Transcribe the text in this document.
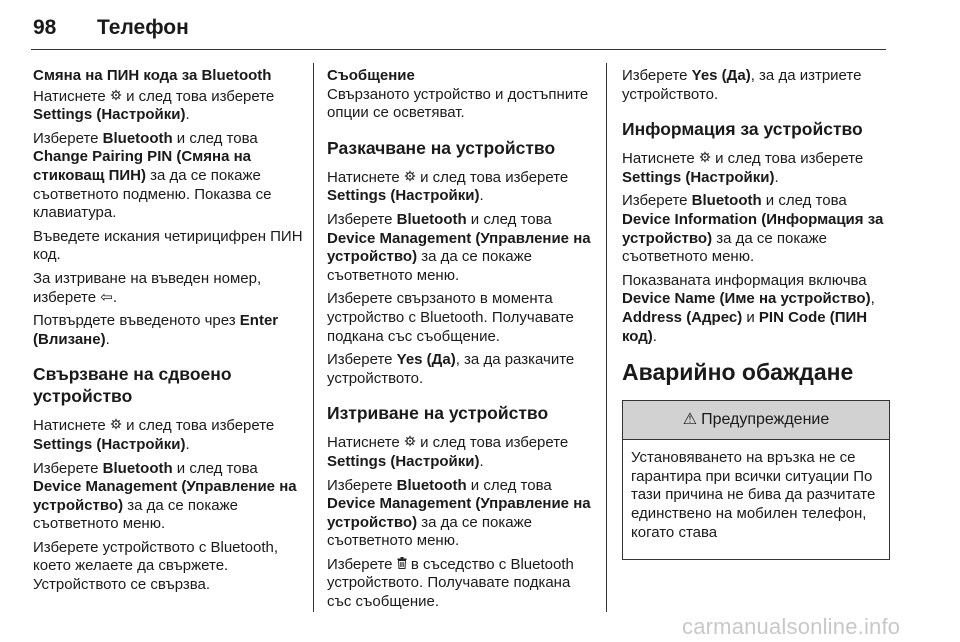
98 Телефон
Смяна на ПИН кода за Bluetooth

Натиснете  и след това изберете Settings (Настройки).

Изберете Bluetooth и след това Change Pairing PIN (Смяна на стиковащ ПИН) за да се покаже съответното подменю. Показва се клавиатура.

Въведете искания четирицифрен ПИН код.

За изтриване на въведен номер, изберете ⇦.

Потвърдете въведеното чрез Enter (Влизане).

Свързване на сдвоено устройство

Натиснете  и след това изберете Settings (Настройки).

Изберете Bluetooth и след това Device Management (Управление на устройство) за да се покаже съответното меню.

Изберете устройството с Bluetooth, което желаете да свържете. Устройството се свързва.

Съобщение

Свързаното устройство и достъпните опции се осветяват.

Разкачване на устройство

Натиснете  и след това изберете Settings (Настройки).

Изберете Bluetooth и след това Device Management (Управление на устройство) за да се покаже съответното меню.

Изберете свързаното в момента устройство с Bluetooth. Получавате подкана със съобщение.

Изберете Yes (Да), за да разкачите устройството.

Изтриване на устройство

Натиснете  и след това изберете Settings (Настройки).

Изберете Bluetooth и след това Device Management (Управление на устройство) за да се покаже съответното меню.

Изберете  в съседство с Bluetooth устройството. Получавате подкана със съобщение.

Изберете Yes (Да), за да изтриете устройството.

Информация за устройство

Натиснете  и след това изберете Settings (Настройки).

Изберете Bluetooth и след това Device Information (Информация за устройство) за да се покаже съответното меню.

Показваната информация включва Device Name (Име на устройство), Address (Адрес) и PIN Code (ПИН код).

Аварийно обаждане
⚠ Предупреждение
Установяването на връзка не се гарантира при всички ситуации По тази причина не бива да разчитате единствено на мобилен телефон, когато става
carmanualsonline.info
